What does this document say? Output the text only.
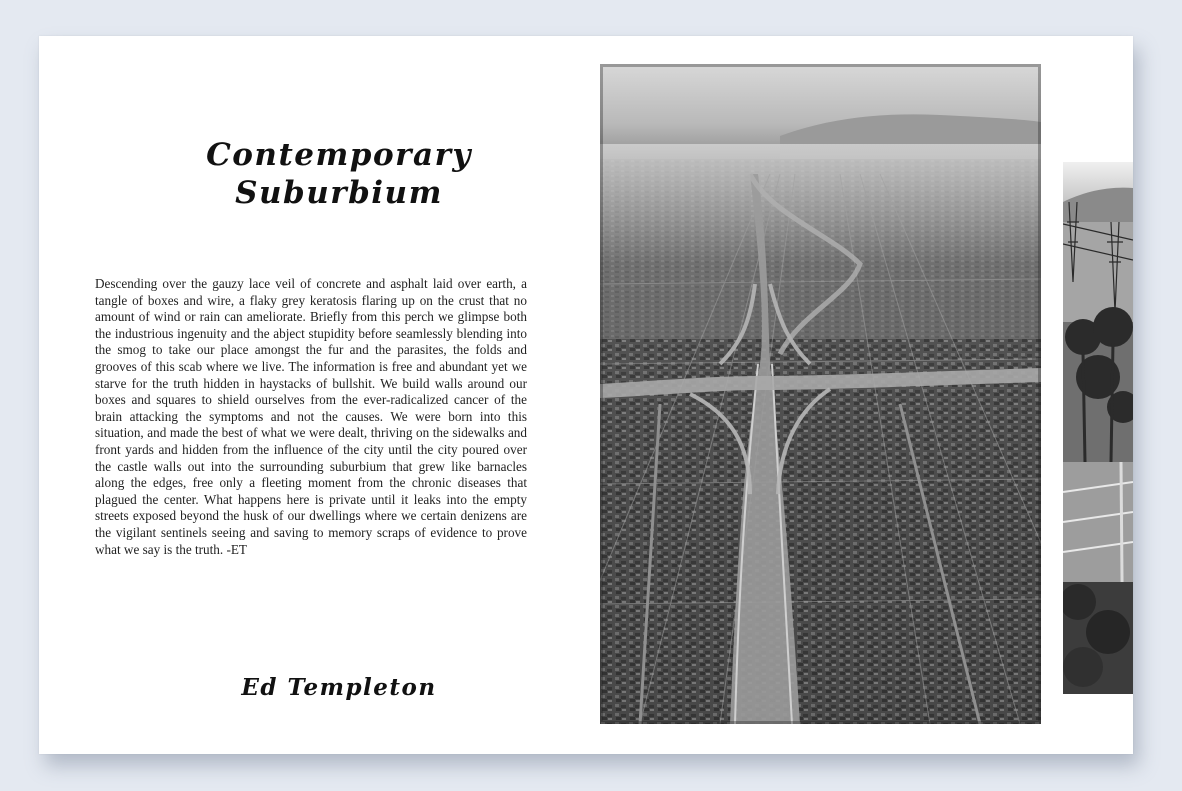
Contemporary
Suburbium

Descending over the gauzy lace veil of concrete and asphalt laid over earth, a tangle of boxes and wire, a flaky grey keratosis flaring up on the crust that no amount of wind or rain can ameliorate. Briefly from this perch we glimpse both the industrious ingenuity and the abject stupidity before seamlessly blending into the smog to take our place amongst the fur and the parasites, the folds and grooves of this scab where we live. The information is free and abundant yet we starve for the truth hidden in haystacks of bullshit. We build walls around our boxes and squares to shield ourselves from the ever-radicalized cancer of the brain attacking the symptoms and not the causes. We were born into this situation, and made the best of what we were dealt, thriving on the sidewalks and front yards and hidden from the influence of the city until the city poured over the castle walls out into the surrounding suburbium that grew like barnacles along the edges, free only a fleeting moment from the chronic diseases that plagued the center. What happens here is private until it leaks into the empty streets exposed beyond the husk of our dwellings where we certain denizens are the vigilant sentinels seeing and saving to memory scraps of evidence to prove what we say is the truth. -ET

Ed Templeton
